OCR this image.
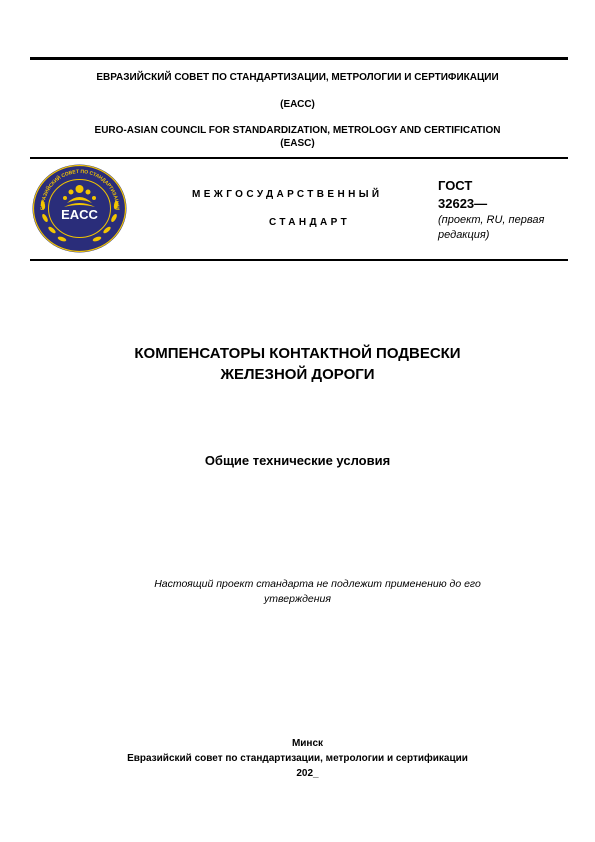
ЕВРАЗИЙСКИЙ СОВЕТ ПО СТАНДАРТИЗАЦИИ, МЕТРОЛОГИИ И СЕРТИФИКАЦИИ
(ЕАСС)
EURO-ASIAN COUNCIL FOR STANDARDIZATION, METROLOGY AND CERTIFICATION
(EASC)
EACC
ЕВРАЗИЙСКИЙ СОВЕТ ПО СТАНДАРТИЗАЦИИ
МЕЖГОСУДАРСТВЕННЫЙ
СТАНДАРТ
ГОСТ
32623—
(проект, RU, первая редакция)
КОМПЕНСАТОРЫ КОНТАКТНОЙ ПОДВЕСКИ
ЖЕЛЕЗНОЙ ДОРОГИ
Общие технические условия
Настоящий проект стандарта не подлежит применению до его
утверждения
Минск
Евразийский совет по стандартизации, метрологии и сертификации
202_
